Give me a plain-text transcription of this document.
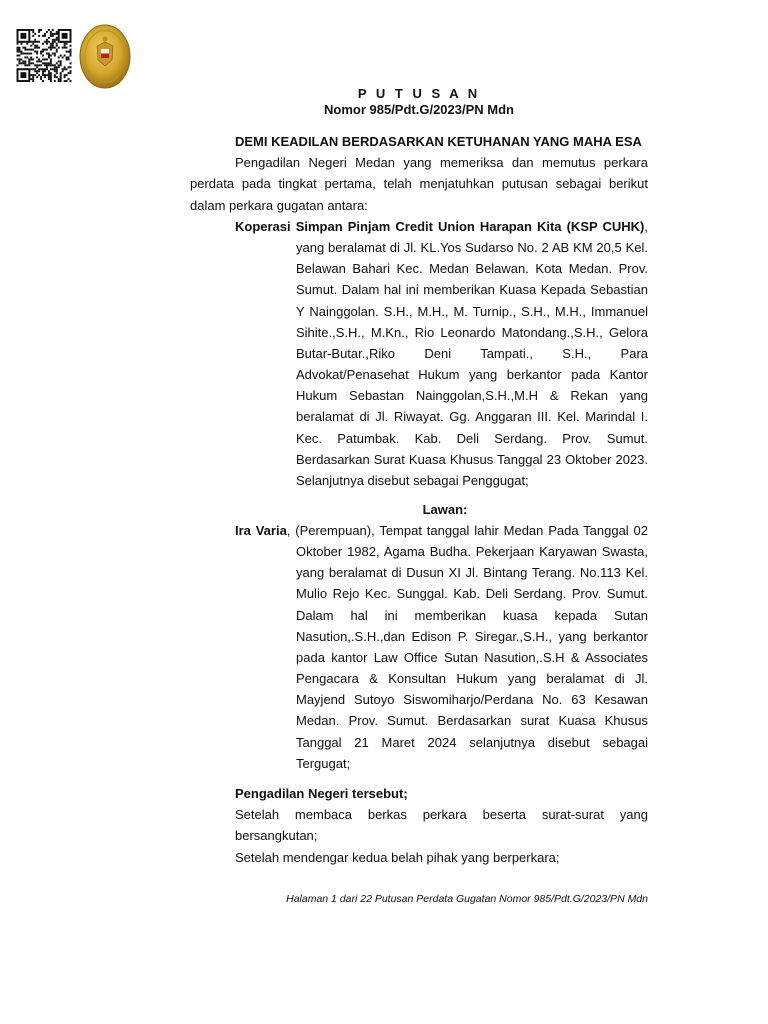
P U T U S A N
Nomor 985/Pdt.G/2023/PN Mdn
DEMI KEADILAN BERDASARKAN KETUHANAN YANG MAHA ESA
Pengadilan Negeri Medan yang memeriksa dan memutus perkara perdata pada tingkat pertama, telah menjatuhkan putusan sebagai berikut dalam perkara gugatan antara:
Koperasi Simpan Pinjam Credit Union Harapan Kita (KSP CUHK),
yang beralamat di Jl. KL.Yos Sudarso No. 2 AB KM 20,5 Kel.
Belawan Bahari Kec. Medan Belawan. Kota Medan. Prov.
Sumut. Dalam hal ini memberikan Kuasa Kepada Sebastian
Y Nainggolan. S.H., M.H., M. Turnip., S.H., M.H., Immanuel
Sihite.,S.H., M.Kn., Rio Leonardo Matondang.,S.H., Gelora
Butar-Butar.,Riko Deni Tampati., S.H., Para
Advokat/Penasehat Hukum yang berkantor pada Kantor
Hukum Sebastan Nainggolan,S.H.,M.H & Rekan yang
beralamat di Jl. Riwayat. Gg. Anggaran III. Kel. Marindal I.
Kec. Patumbak. Kab. Deli Serdang. Prov. Sumut.
Berdasarkan Surat Kuasa Khusus Tanggal 23 Oktober 2023.
Selanjutnya disebut sebagai Penggugat;
Lawan:
Ira Varia, (Perempuan), Tempat tanggal lahir Medan Pada Tanggal 02
Oktober 1982, Agama Budha. Pekerjaan Karyawan Swasta,
yang beralamat di Dusun XI Jl. Bintang Terang. No.113 Kel.
Mulio Rejo Kec. Sunggal. Kab. Deli Serdang. Prov. Sumut.
Dalam hal ini memberikan kuasa kepada Sutan
Nasution,.S.H.,dan Edison P. Siregar.,S.H., yang berkantor
pada kantor Law Office Sutan Nasution,.S.H & Associates
Pengacara & Konsultan Hukum yang beralamat di Jl.
Mayjend Sutoyo Siswomiharjo/Perdana No. 63 Kesawan
Medan. Prov. Sumut. Berdasarkan surat Kuasa Khusus
Tanggal 21 Maret 2024 selanjutnya disebut sebagai
Tergugat;
Pengadilan Negeri tersebut;
Setelah membaca berkas perkara beserta surat-surat yang
bersangkutan;
Setelah mendengar kedua belah pihak yang berperkara;
Halaman 1 dari 22 Putusan Perdata Gugatan Nomor 985/Pdt.G/2023/PN Mdn
